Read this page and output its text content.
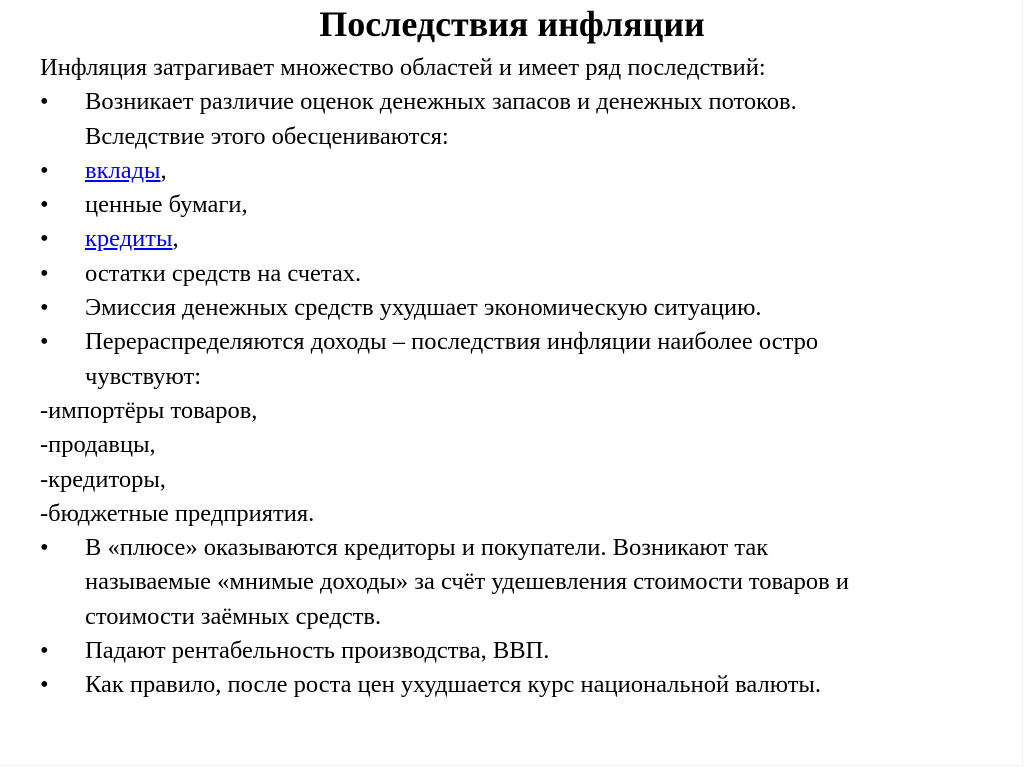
Последствия инфляции
Инфляция затрагивает множество областей и имеет ряд последствий:
•	Возникает различие оценок денежных запасов и денежных потоков.
Вследствие этого обесцениваются:
•	вклады,
•	ценные бумаги,
•	кредиты,
•	остатки средств на счетах.
•	Эмиссия денежных средств ухудшает экономическую ситуацию.
•	Перераспределяются доходы – последствия инфляции наиболее остро
чувствуют:
-импортёры товаров,
-продавцы,
-кредиторы,
-бюджетные предприятия.
•	В «плюсе» оказываются кредиторы и покупатели. Возникают так
называемые «мнимые доходы» за счёт удешевления стоимости товаров и
стоимости заёмных средств.
•	Падают рентабельность производства, ВВП.
•	Как правило, после роста цен ухудшается курс национальной валюты.
